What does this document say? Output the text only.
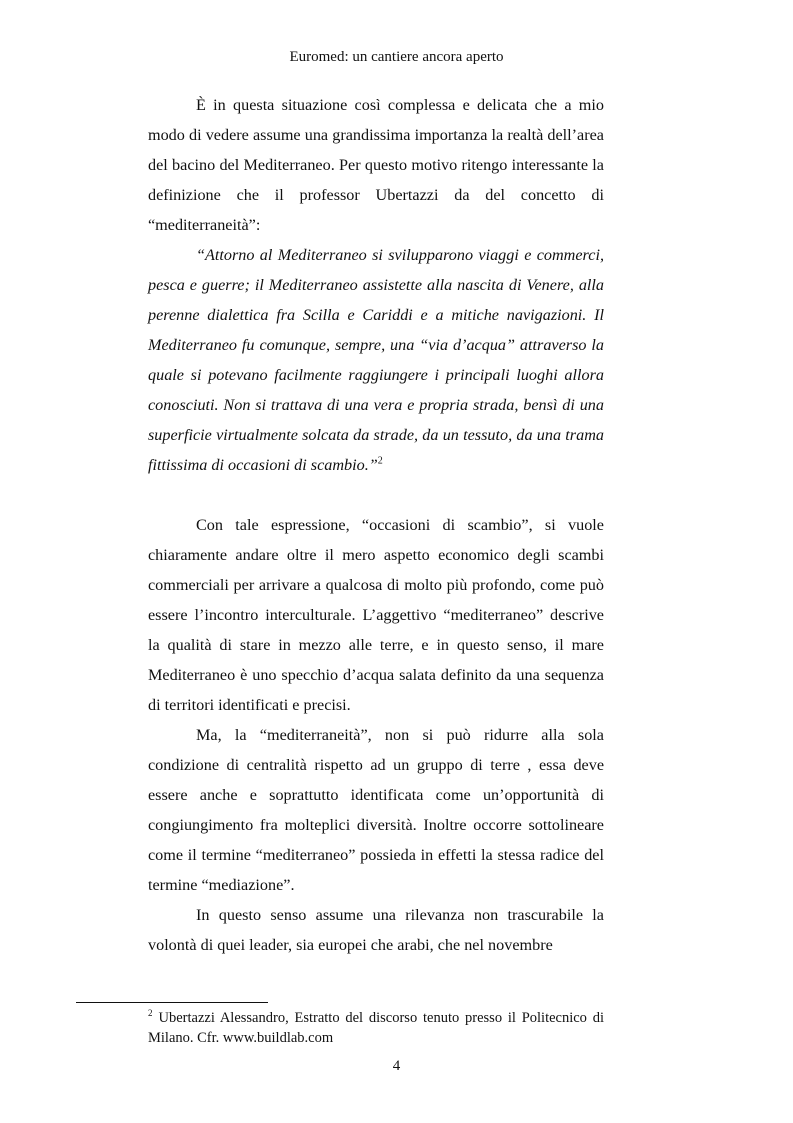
Euromed: un cantiere ancora aperto

È in questa situazione così complessa e delicata che a mio modo di vedere assume una grandissima importanza la realtà dell’area del bacino del Mediterraneo. Per questo motivo ritengo interessante la definizione che il professor Ubertazzi da del concetto di “mediterraneità”:

“Attorno al Mediterraneo si svilupparono viaggi e commerci, pesca e guerre; il Mediterraneo assistette alla nascita di Venere, alla perenne dialettica fra Scilla e Cariddi e a mitiche navigazioni. Il Mediterraneo fu comunque, sempre, una “via d’acqua” attraverso la quale si potevano facilmente raggiungere i principali luoghi allora conosciuti. Non si trattava di una vera e propria strada, bensì di una superficie virtualmente solcata da strade, da un tessuto, da una trama fittissima di occasioni di scambio.”$^2$

Con tale espressione, “occasioni di scambio”, si vuole chiaramente andare oltre il mero aspetto economico degli scambi commerciali per arrivare a qualcosa di molto più profondo, come può essere l’incontro interculturale. L’aggettivo “mediterraneo” descrive la qualità di stare in mezzo alle terre, e in questo senso, il mare Mediterraneo è uno specchio d’acqua salata definito da una sequenza di territori identificati e precisi.

Ma, la “mediterraneità”, non si può ridurre alla sola condizione di centralità rispetto ad un gruppo di terre , essa deve essere anche e soprattutto identificata come un’opportunità di congiungimento fra molteplici diversità. Inoltre occorre sottolineare come il termine “mediterraneo” possieda in effetti la stessa radice del termine “mediazione”.

In questo senso assume una rilevanza non trascurabile la volontà di quei leader, sia europei che arabi, che nel novembre

$^2$ Ubertazzi Alessandro, Estratto del discorso tenuto presso il Politecnico di Milano. Cfr. www.buildlab.com

4
